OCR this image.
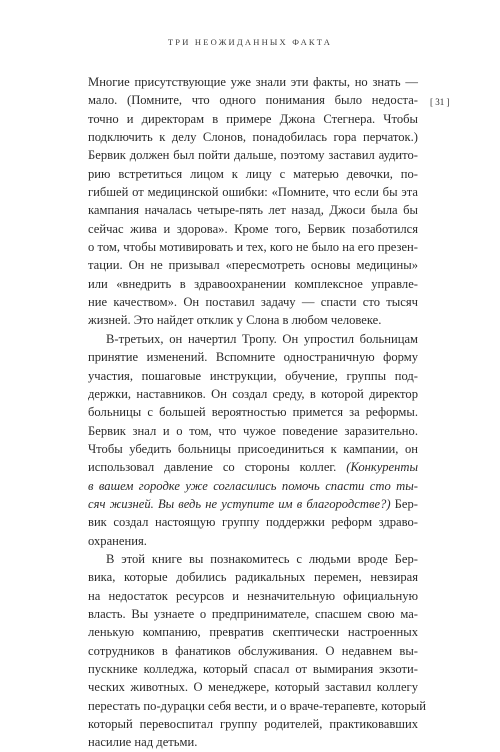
ТРИ НЕОЖИДАННЫХ ФАКТА
[ 31 ]
Многие присутствующие уже знали эти факты, но знать —
мало. (Помните, что одного понимания было недоста-
точно и директорам в примере Джона Стегнера. Чтобы
подключить к делу Слонов, понадобилась гора перчаток.)
Бервик должен был пойти дальше, поэтому заставил аудито-
рию встретиться лицом к лицу с матерью девочки, по-
гибшей от медицинской ошибки: «Помните, что если бы эта
кампания началась четыре-пять лет назад, Джоси была бы
сейчас жива и здорова». Кроме того, Бервик позаботился
о том, чтобы мотивировать и тех, кого не было на его презен-
тации. Он не призывал «пересмотреть основы медицины»
или «внедрить в здравоохранении комплексное управле-
ние качеством». Он поставил задачу — спасти сто тысяч
жизней. Это найдет отклик у Слона в любом человеке.
В-третьих, он начертил Тропу. Он упростил больницам
принятие изменений. Вспомните одностраничную форму
участия, пошаговые инструкции, обучение, группы под-
держки, наставников. Он создал среду, в которой директор
больницы с большей вероятностью примется за реформы.
Бервик знал и о том, что чужое поведение заразительно.
Чтобы убедить больницы присоединиться к кампании, он
использовал давление со стороны коллег. (Конкуренты
в вашем городке уже согласились помочь спасти сто ты-
сяч жизней. Вы ведь не уступите им в благородстве?) Бер-
вик создал настоящую группу поддержки реформ здраво-
охранения.
В этой книге вы познакомитесь с людьми вроде Бер-
вика, которые добились радикальных перемен, невзирая
на недостаток ресурсов и незначительную официальную
власть. Вы узнаете о предпринимателе, спасшем свою ма-
ленькую компанию, превратив скептически настроенных
сотрудников в фанатиков обслуживания. О недавнем вы-
пускнике колледжа, который спасал от вымирания экзоти-
ческих животных. О менеджере, который заставил коллегу
перестать по-дурацки себя вести, и о враче-терапевте, который
который перевоспитал группу родителей, практиковавших
насилие над детьми.
